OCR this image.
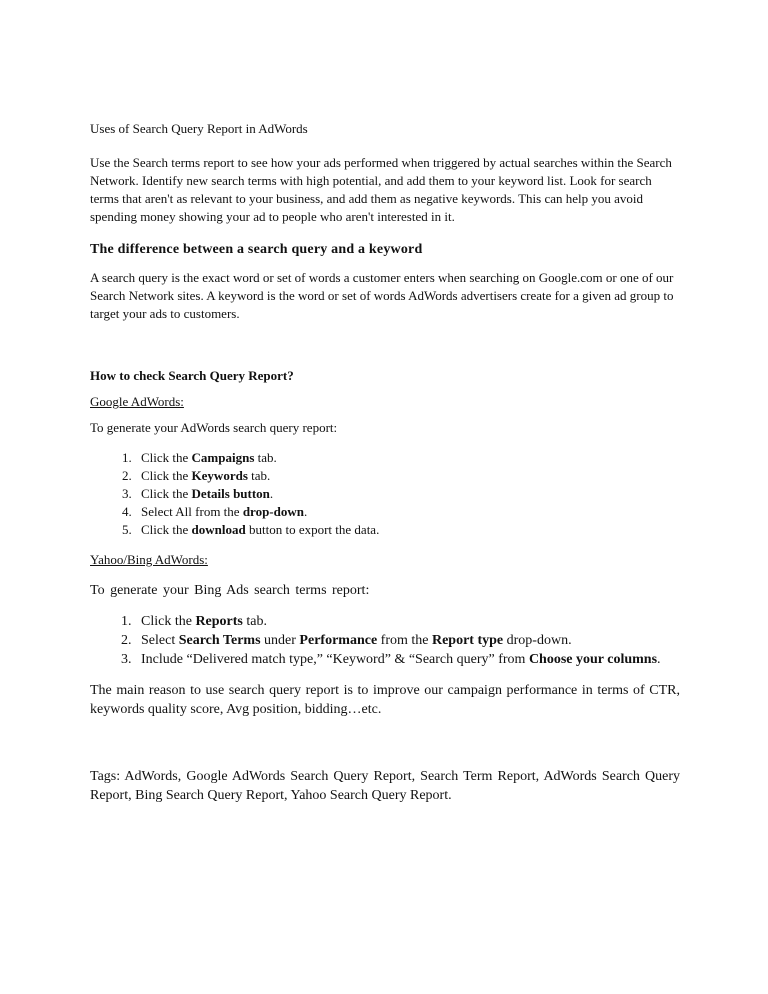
Uses of Search Query Report in AdWords

Use the Search terms report to see how your ads performed when triggered by actual searches within the Search Network. Identify new search terms with high potential, and add them to your keyword list. Look for search terms that aren't as relevant to your business, and add them as negative keywords. This can help you avoid spending money showing your ad to people who aren't interested in it.

The difference between a search query and a keyword

A search query is the exact word or set of words a customer enters when searching on Google.com or one of our Search Network sites. A keyword is the word or set of words AdWords advertisers create for a given ad group to target your ads to customers.

How to check Search Query Report?

Google AdWords:

To generate your AdWords search query report:

1. Click the Campaigns tab.
2. Click the Keywords tab.
3. Click the Details button.
4. Select All from the drop-down.
5. Click the download button to export the data.

Yahoo/Bing AdWords:

To generate your Bing Ads search terms report:

1. Click the Reports tab.
2. Select Search Terms under Performance from the Report type drop-down.
3. Include “Delivered match type,” “Keyword” & “Search query” from Choose your columns.

The main reason to use search query report is to improve our campaign performance in terms of CTR, keywords quality score, Avg position, bidding…etc.

Tags: AdWords, Google AdWords Search Query Report, Search Term Report, AdWords Search Query Report, Bing Search Query Report, Yahoo Search Query Report.
